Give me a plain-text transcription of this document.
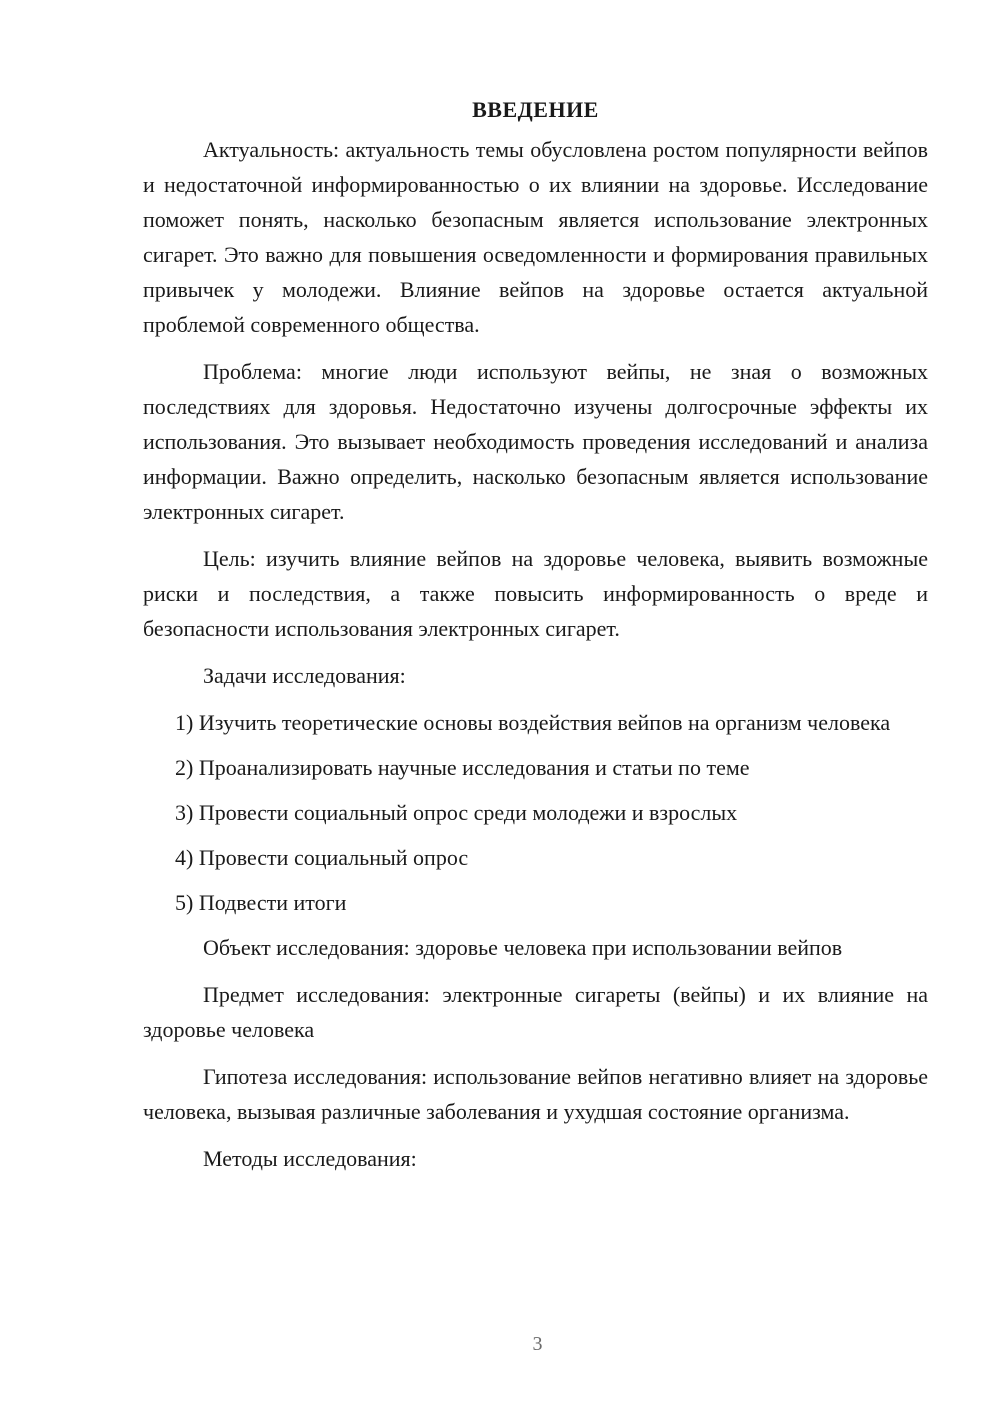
ВВЕДЕНИЕ

Актуальность: актуальность темы обусловлена ростом популярности вейпов и недостаточной информированностью о их влиянии на здоровье. Исследование поможет понять, насколько безопасным является использование электронных сигарет. Это важно для повышения осведомленности и формирования правильных привычек у молодежи. Влияние вейпов на здоровье остается актуальной проблемой современного общества.

Проблема: многие люди используют вейпы, не зная о возможных последствиях для здоровья. Недостаточно изучены долгосрочные эффекты их использования. Это вызывает необходимость проведения исследований и анализа информации. Важно определить, насколько безопасным является использование электронных сигарет.

Цель: изучить влияние вейпов на здоровье человека, выявить возможные риски и последствия, а также повысить информированность о вреде и безопасности использования электронных сигарет.

Задачи исследования:

1) Изучить теоретические основы воздействия вейпов на организм человека

2) Проанализировать научные исследования и статьи по теме

3) Провести социальный опрос среди молодежи и взрослых

4) Провести социальный опрос

5) Подвести итоги

Объект исследования: здоровье человека при использовании вейпов

Предмет исследования: электронные сигареты (вейпы) и их влияние на здоровье человека

Гипотеза исследования: использование вейпов негативно влияет на здоровье человека, вызывая различные заболевания и ухудшая состояние организма.

Методы исследования:

3
